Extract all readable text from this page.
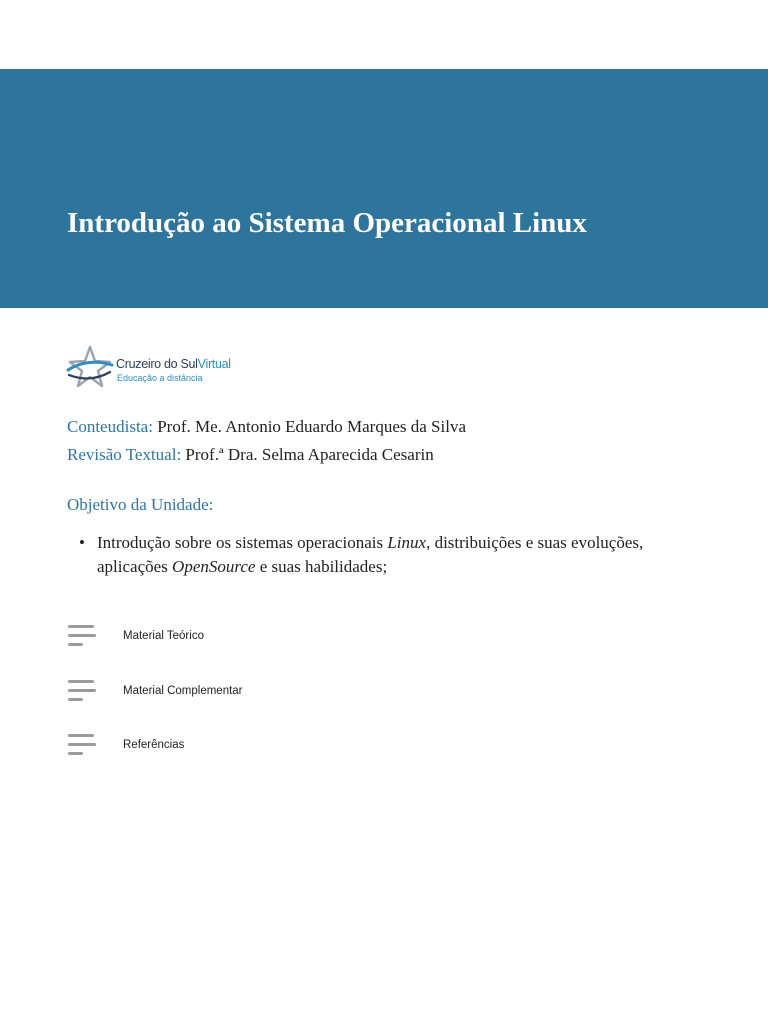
Introdução ao Sistema Operacional Linux
Cruzeiro do SulVirtual
Educação a distância
Conteudista: Prof. Me. Antonio Eduardo Marques da Silva
Revisão Textual: Prof.ª Dra. Selma Aparecida Cesarin
Objetivo da Unidade:
• Introdução sobre os sistemas operacionais Linux, distribuições e suas evoluções, aplicações OpenSource e suas habilidades;
Material Teórico
Material Complementar
Referências
